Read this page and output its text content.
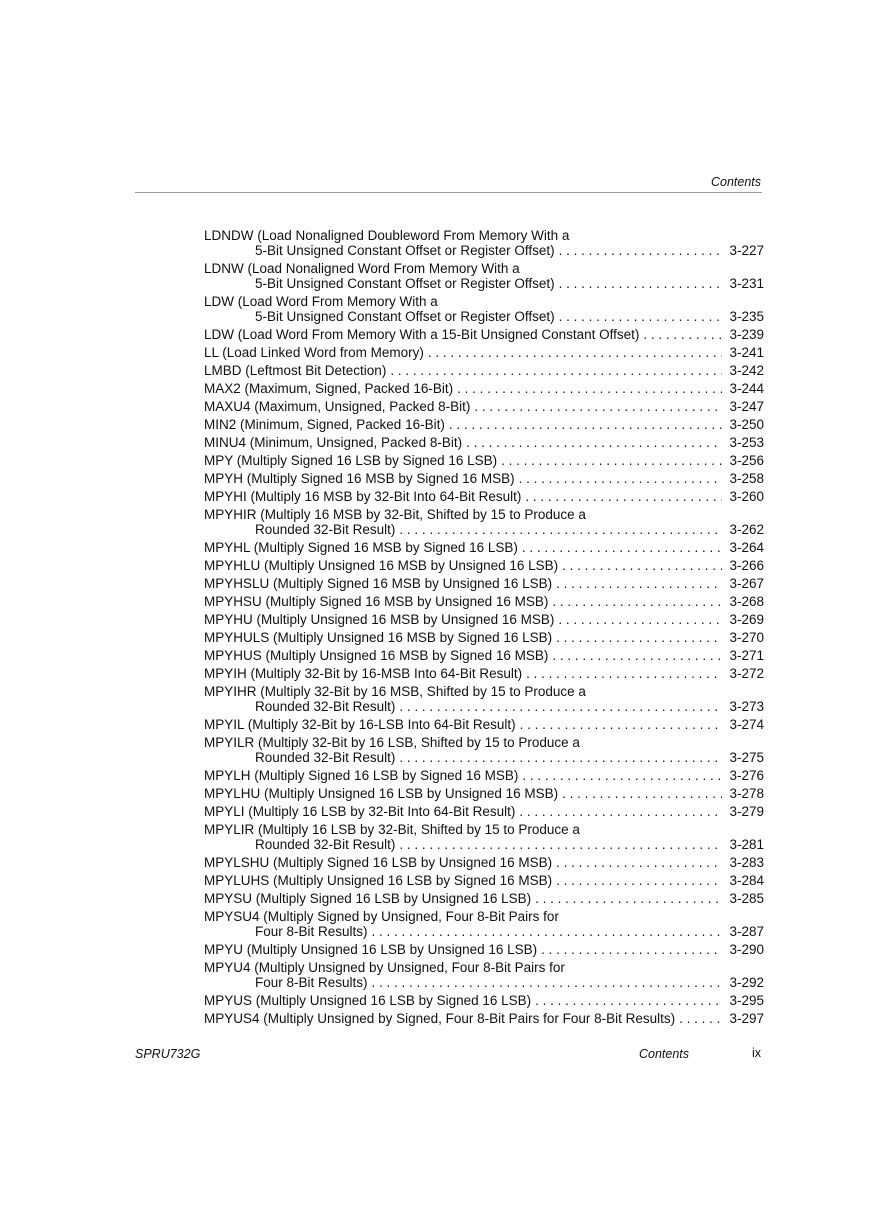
Contents
LDNDW (Load Nonaligned Doubleword From Memory With a
5-Bit Unsigned Constant Offset or Register Offset) . . .	3-227
LDNW (Load Nonaligned Word From Memory With a
5-Bit Unsigned Constant Offset or Register Offset) . . .	3-231
LDW (Load Word From Memory With a
5-Bit Unsigned Constant Offset or Register Offset) . . .	3-235
LDW (Load Word From Memory With a 15-Bit Unsigned Constant Offset) . . .	3-239
LL (Load Linked Word from Memory) . . .	3-241
LMBD (Leftmost Bit Detection) . . .	3-242
MAX2 (Maximum, Signed, Packed 16-Bit) . . .	3-244
MAXU4 (Maximum, Unsigned, Packed 8-Bit) . . .	3-247
MIN2 (Minimum, Signed, Packed 16-Bit) . . .	3-250
MINU4 (Minimum, Unsigned, Packed 8-Bit) . . .	3-253
MPY (Multiply Signed 16 LSB by Signed 16 LSB) . . .	3-256
MPYH (Multiply Signed 16 MSB by Signed 16 MSB) . . .	3-258
MPYHI (Multiply 16 MSB by 32-Bit Into 64-Bit Result) . . .	3-260
MPYHIR (Multiply 16 MSB by 32-Bit, Shifted by 15 to Produce a
Rounded 32-Bit Result) . . .	3-262
MPYHL (Multiply Signed 16 MSB by Signed 16 LSB) . . .	3-264
MPYHLU (Multiply Unsigned 16 MSB by Unsigned 16 LSB) . . .	3-266
MPYHSLU (Multiply Signed 16 MSB by Unsigned 16 LSB) . . .	3-267
MPYHSU (Multiply Signed 16 MSB by Unsigned 16 MSB) . . .	3-268
MPYHU (Multiply Unsigned 16 MSB by Unsigned 16 MSB) . . .	3-269
MPYHULS (Multiply Unsigned 16 MSB by Signed 16 LSB) . . .	3-270
MPYHUS (Multiply Unsigned 16 MSB by Signed 16 MSB) . . .	3-271
MPYIH (Multiply 32-Bit by 16-MSB Into 64-Bit Result) . . .	3-272
MPYIHR (Multiply 32-Bit by 16 MSB, Shifted by 15 to Produce a
Rounded 32-Bit Result) . . .	3-273
MPYIL (Multiply 32-Bit by 16-LSB Into 64-Bit Result) . . .	3-274
MPYILR (Multiply 32-Bit by 16 LSB, Shifted by 15 to Produce a
Rounded 32-Bit Result) . . .	3-275
MPYLH (Multiply Signed 16 LSB by Signed 16 MSB) . . .	3-276
MPYLHU (Multiply Unsigned 16 LSB by Unsigned 16 MSB) . . .	3-278
MPYLI (Multiply 16 LSB by 32-Bit Into 64-Bit Result) . . .	3-279
MPYLIR (Multiply 16 LSB by 32-Bit, Shifted by 15 to Produce a
Rounded 32-Bit Result) . . .	3-281
MPYLSHU (Multiply Signed 16 LSB by Unsigned 16 MSB) . . .	3-283
MPYLUHS (Multiply Unsigned 16 LSB by Signed 16 MSB) . . .	3-284
MPYSU (Multiply Signed 16 LSB by Unsigned 16 LSB) . . .	3-285
MPYSU4 (Multiply Signed by Unsigned, Four 8-Bit Pairs for
Four 8-Bit Results) . . .	3-287
MPYU (Multiply Unsigned 16 LSB by Unsigned 16 LSB) . . .	3-290
MPYU4 (Multiply Unsigned by Unsigned, Four 8-Bit Pairs for
Four 8-Bit Results) . . .	3-292
MPYUS (Multiply Unsigned 16 LSB by Signed 16 LSB) . . .	3-295
MPYUS4 (Multiply Unsigned by Signed, Four 8-Bit Pairs for Four 8-Bit Results) . . .	3-297
SPRU732G	Contents	ix
